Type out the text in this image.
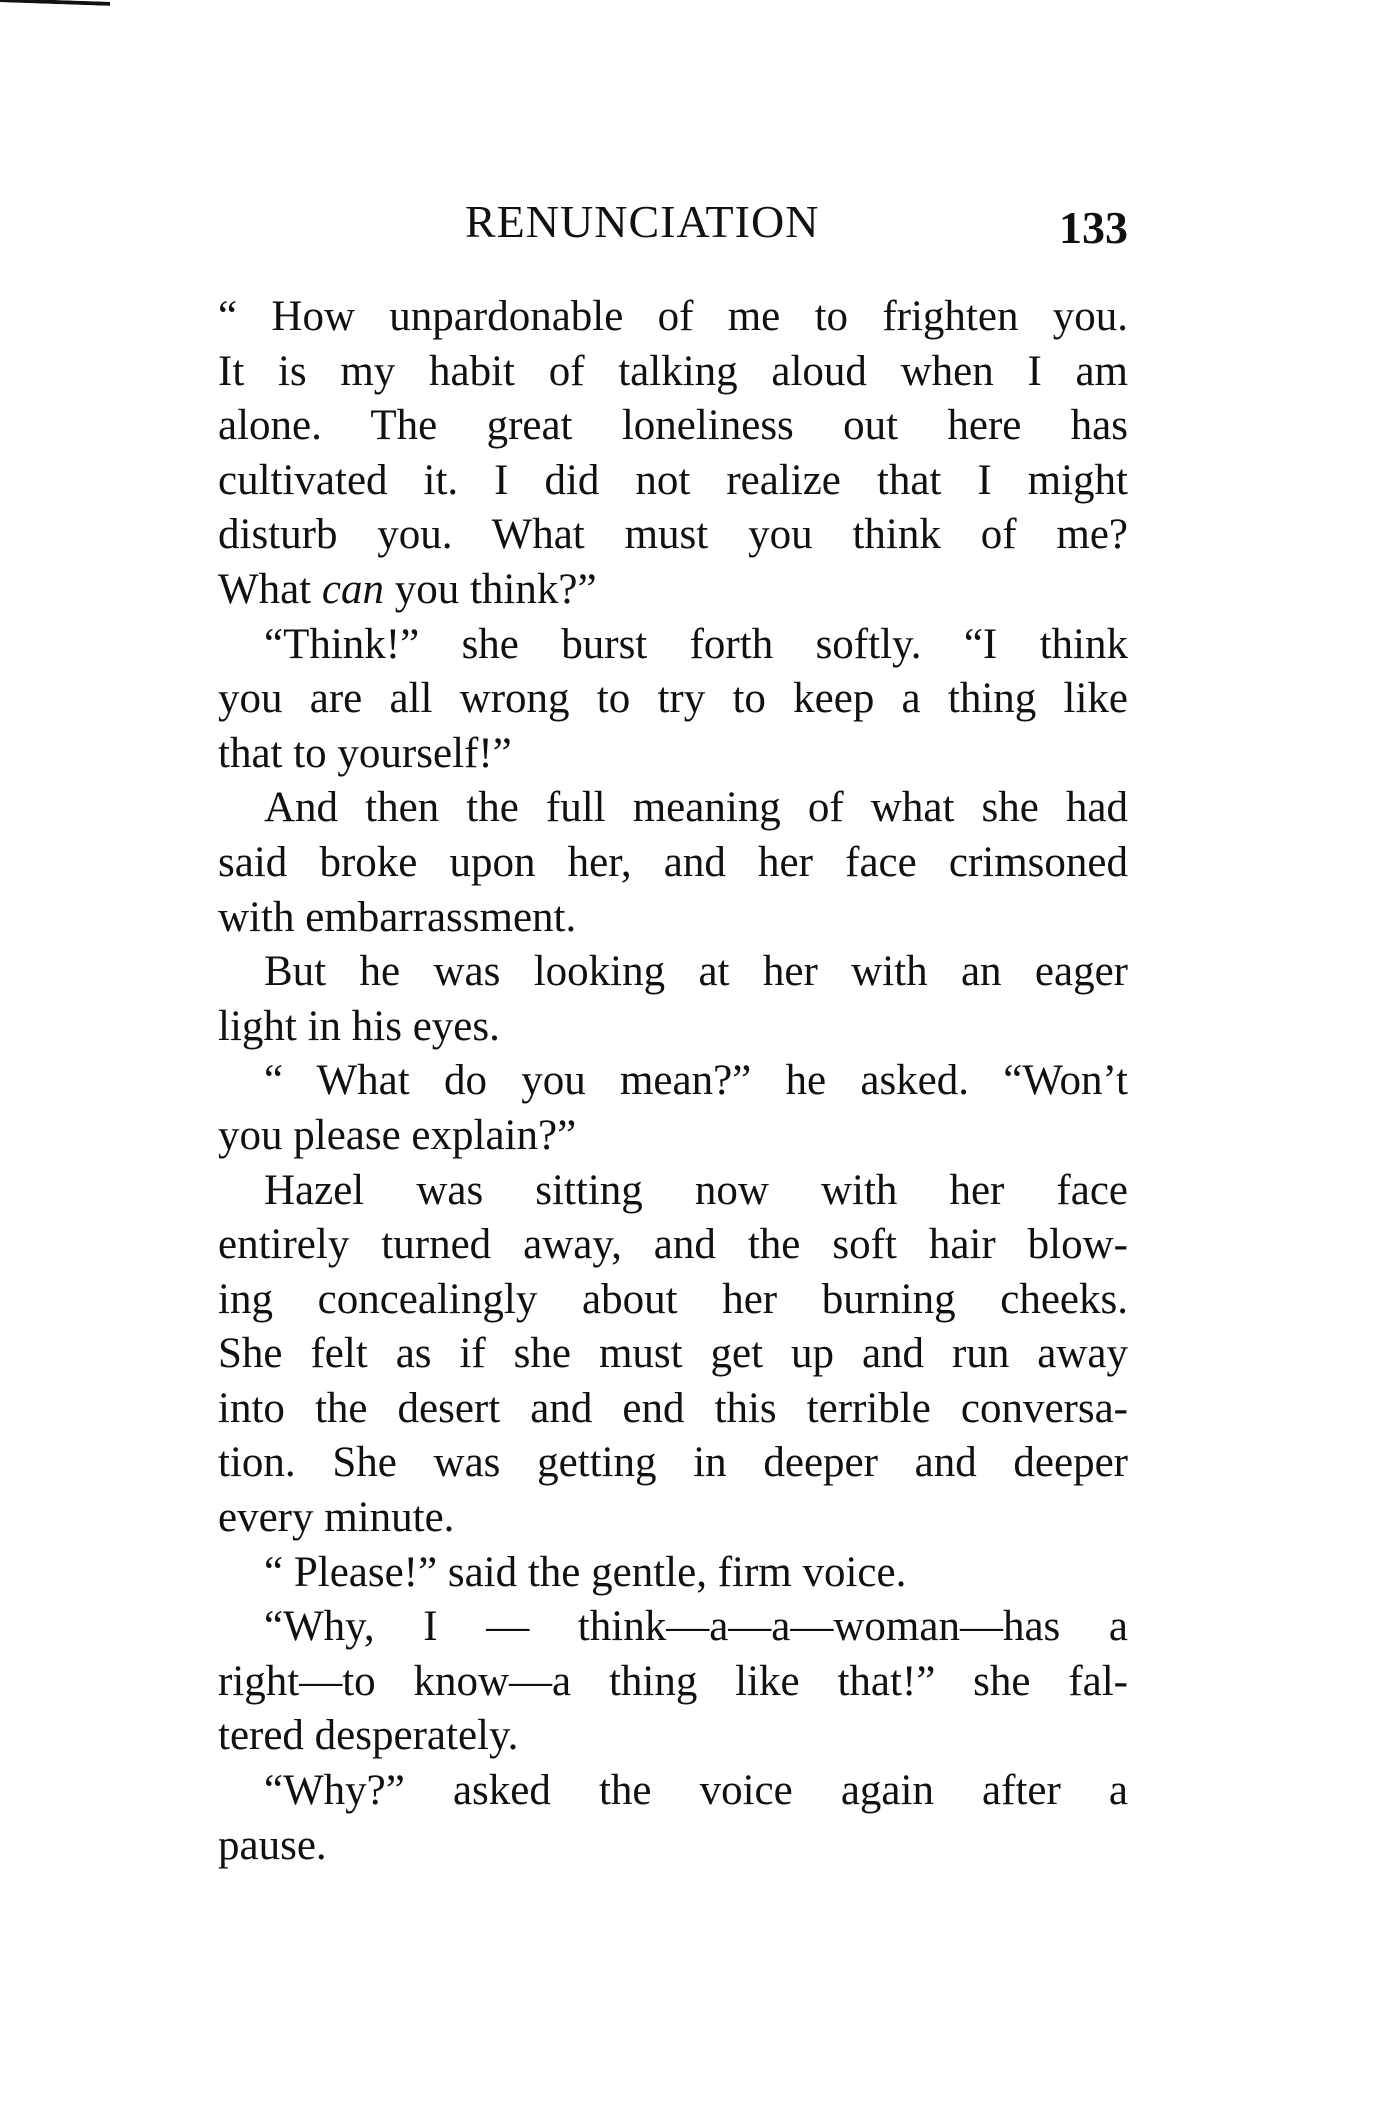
RENUNCIATION	133
“ How unpardonable of me to frighten you.
It is my habit of talking aloud when I am
alone. The great loneliness out here has
cultivated it. I did not realize that I might
disturb you. What must you think of me?
What can you think?”
“Think!” she burst forth softly. “I think
you are all wrong to try to keep a thing like
that to yourself!”
And then the full meaning of what she had
said broke upon her, and her face crimsoned
with embarrassment.
But he was looking at her with an eager
light in his eyes.
“ What do you mean?” he asked. “Won’t
you please explain?”
Hazel was sitting now with her face
entirely turned away, and the soft hair blow-
ing concealingly about her burning cheeks.
She felt as if she must get up and run away
into the desert and end this terrible conversa-
tion. She was getting in deeper and deeper
every minute.
“ Please!” said the gentle, firm voice.
“Why, I — think—a—a—woman—has a
right—to know—a thing like that!” she fal-
tered desperately.
“Why?” asked the voice again after a
pause.
